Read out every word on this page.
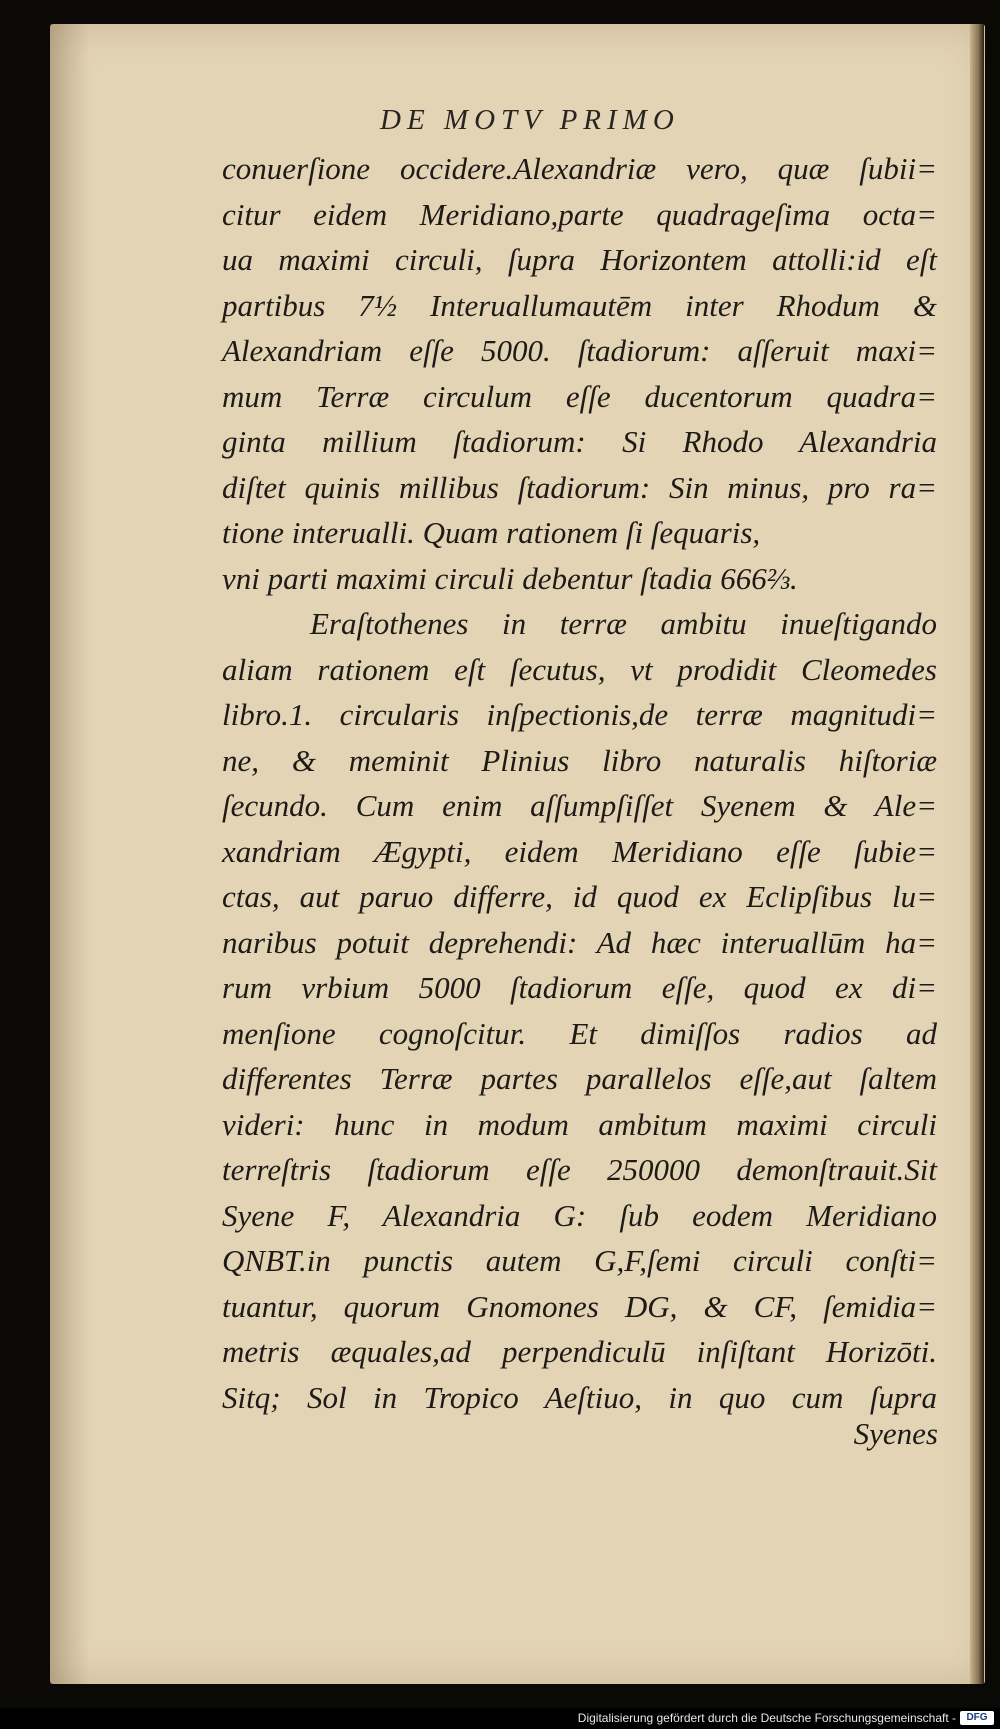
DE MOTV PRIMO
conuerſione occidere.Alexandriæ vero, quæ ſubii=
citur eidem Meridiano,parte quadrageſima octa=
ua maximi circuli, ſupra Horizontem attolli:id eſt
partibus 7½ Interuallumautēm inter Rhodum &
Alexandriam eſſe 5000. ſtadiorum: aſſeruit maxi=
mum Terræ circulum eſſe ducentorum quadra=
ginta millium ſtadiorum: Si Rhodo Alexandria
diſtet quinis millibus ſtadiorum: Sin minus, pro ra=
tione interualli. Quam rationem ſi ſequaris,
vni parti maximi circuli debentur ſtadia 666⅔.
Eraſtothenes in terræ ambitu inueſtigando
aliam rationem eſt ſecutus, vt prodidit Cleomedes
libro.1. circularis inſpectionis,de terræ magnitudi=
ne, & meminit Plinius libro naturalis hiſtoriæ
ſecundo. Cum enim aſſumpſiſſet Syenem & Ale=
xandriam Ægypti, eidem Meridiano eſſe ſubie=
ctas, aut paruo differre, id quod ex Eclipſibus lu=
naribus potuit deprehendi: Ad hæc interuallūm ha=
rum vrbium 5000 ſtadiorum eſſe, quod ex di=
menſione cognoſcitur. Et dimiſſos radios ad
differentes Terræ partes parallelos eſſe,aut ſaltem
videri: hunc in modum ambitum maximi circuli
terreſtris ſtadiorum eſſe 250000 demonſtrauit.Sit
Syene F, Alexandria G: ſub eodem Meridiano
QNBT.in punctis autem G,F,ſemi circuli conſti=
tuantur, quorum Gnomones DG, & CF, ſemidia=
metris æquales,ad perpendiculū inſiſtant Horizōti.
Sitq; Sol in Tropico Aeſtiuo, in quo cum ſupra
Syenes
Digitalisierung gefördert durch die Deutsche Forschungsgemeinschaft -	DFG
